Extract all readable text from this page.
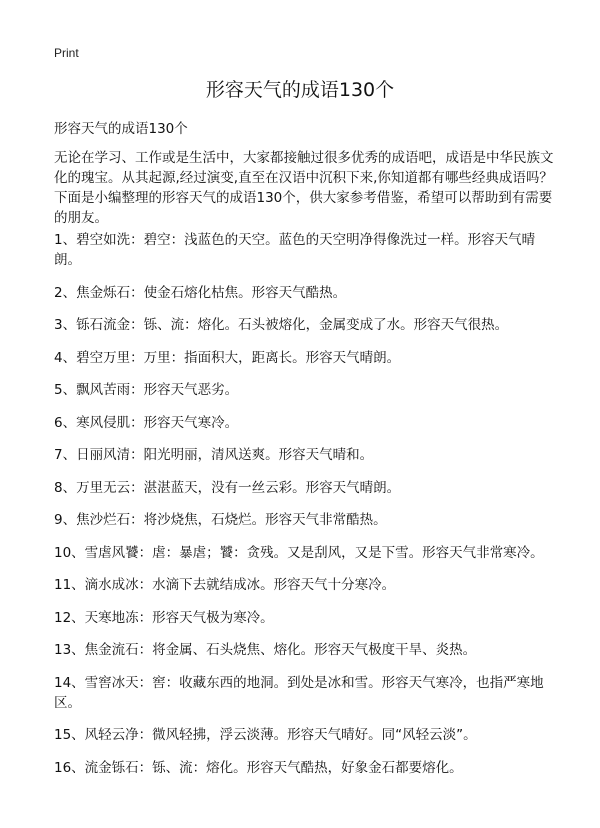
Print
形容天气的成语130个
形容天气的成语130个

无论在学习、工作或是生活中，大家都接触过很多优秀的成语吧，成语是中华民族文化的瑰宝。从其起源,经过演变,直至在汉语中沉积下来,你知道都有哪些经典成语吗？下面是小编整理的形容天气的成语130个，供大家参考借鉴，希望可以帮助到有需要的朋友。

1、碧空如洗：碧空：浅蓝色的天空。蓝色的天空明净得像洗过一样。形容天气晴朗。
2、焦金烁石：使金石熔化枯焦。形容天气酷热。
3、铄石流金：铄、流：熔化。石头被熔化，金属变成了水。形容天气很热。
4、碧空万里：万里：指面积大，距离长。形容天气晴朗。
5、飘风苦雨：形容天气恶劣。
6、寒风侵肌：形容天气寒冷。
7、日丽风清：阳光明丽，清风送爽。形容天气晴和。
8、万里无云：湛湛蓝天，没有一丝云彩。形容天气晴朗。
9、焦沙烂石：将沙烧焦，石烧烂。形容天气非常酷热。
10、雪虐风饕：虐：暴虐；饕：贪残。又是刮风，又是下雪。形容天气非常寒冷。
11、滴水成冰：水滴下去就结成冰。形容天气十分寒冷。
12、天寒地冻：形容天气极为寒冷。
13、焦金流石：将金属、石头烧焦、熔化。形容天气极度干旱、炎热。
14、雪窖冰天：窖：收藏东西的地洞。到处是冰和雪。形容天气寒冷，也指严寒地区。
15、风轻云净：微风轻拂，浮云淡薄。形容天气晴好。同“风轻云淡”。
16、流金铄石：铄、流：熔化。形容天气酷热，好象金石都要熔化。
